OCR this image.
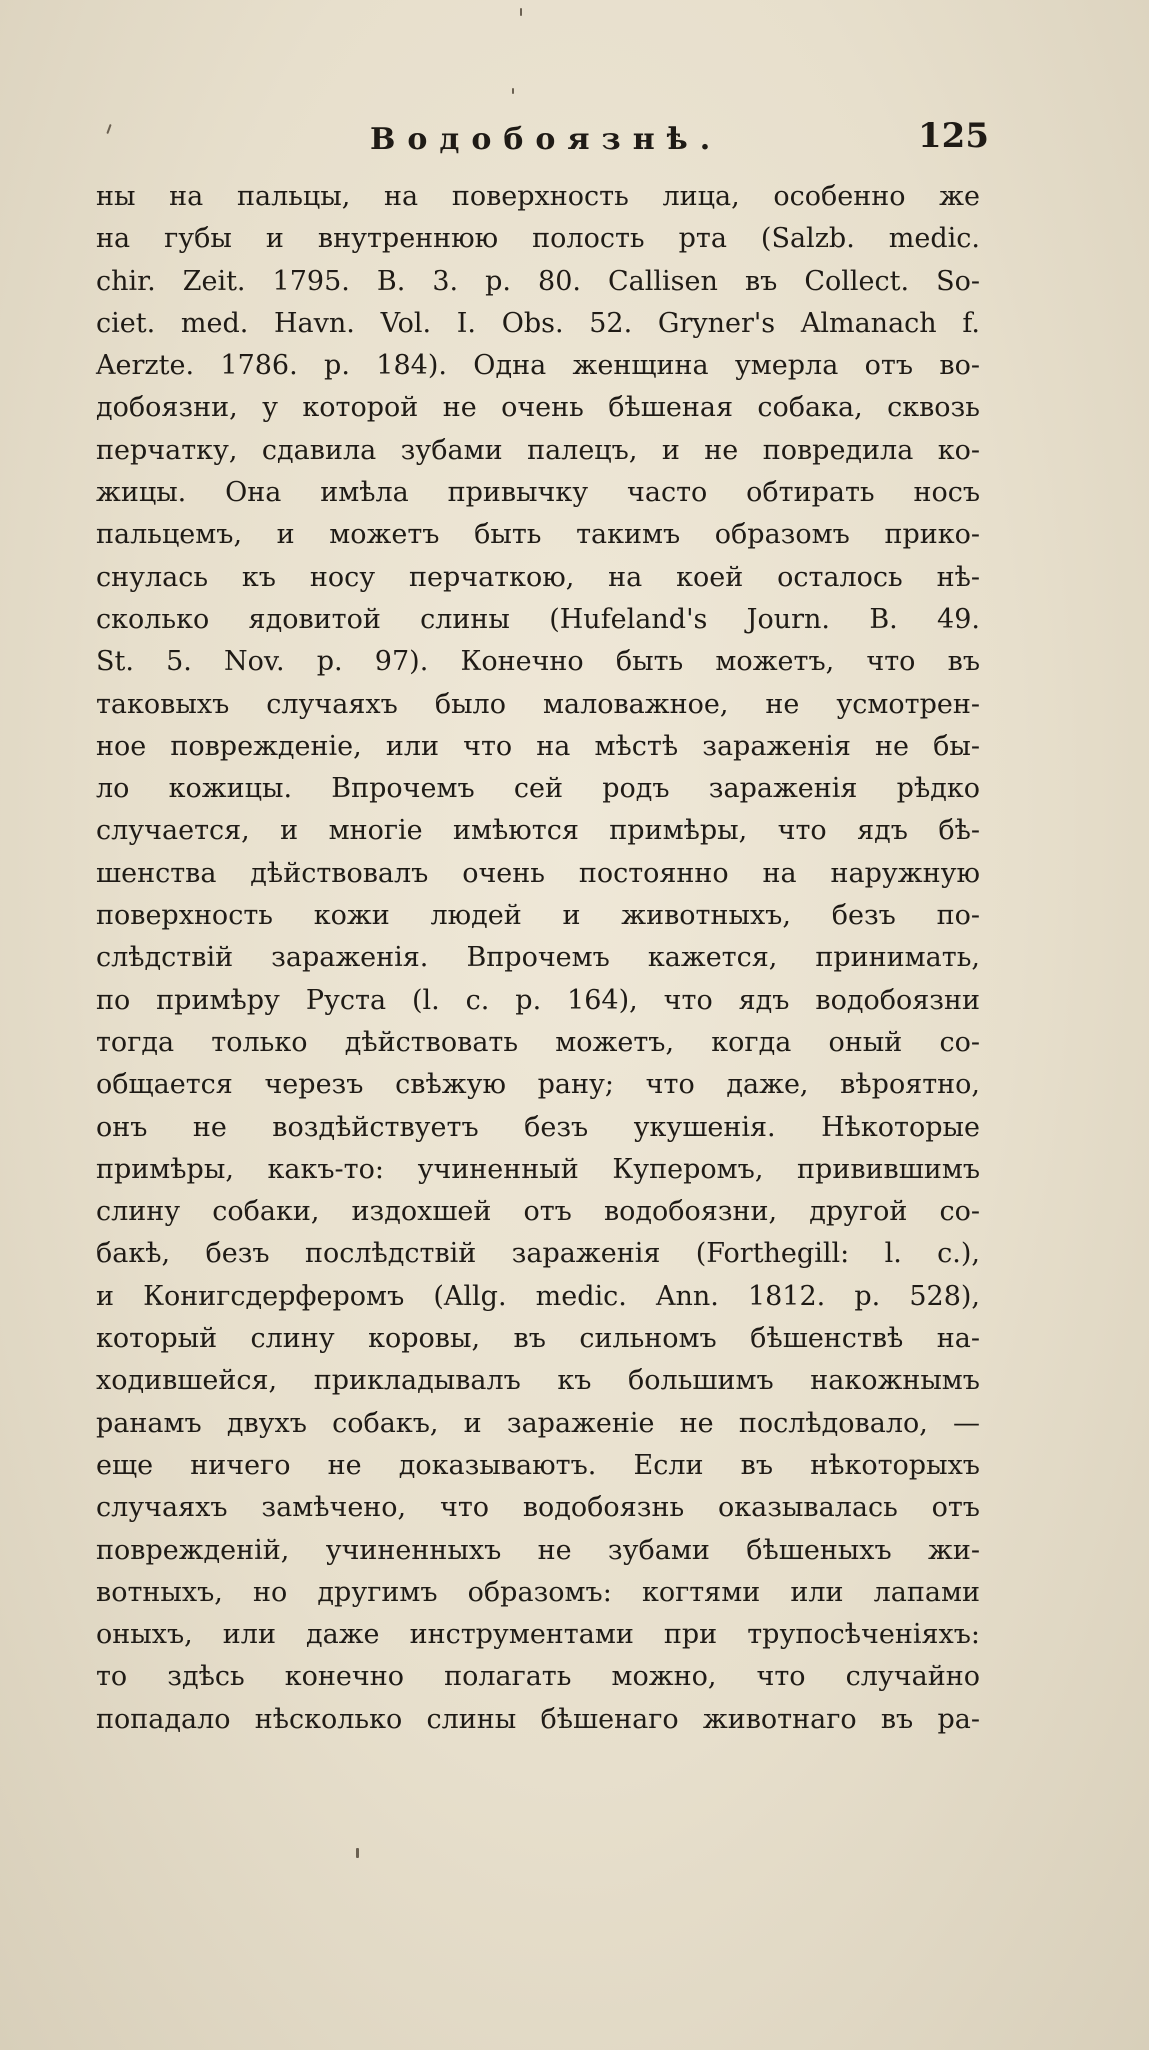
Водобоязнѣ.	125
ны на пальцы, на поверхность лица, особенно же
на губы и внутреннюю полость рта (Salzb. medic.
chir. Zeit. 1795. B. 3. p. 80. Callisen въ Collect. So-
ciet. med. Havn. Vol. I. Obs. 52. Gryner's Almanach f.
Aerzte. 1786. p. 184). Одна женщина умерла отъ во-
добоязни, у которой не очень бѣшеная собака, сквозь
перчатку, сдавила зубами палецъ, и не повредила ко-
жицы. Она имѣла привычку часто обтирать носъ
пальцемъ, и можетъ быть такимъ образомъ прико-
снулась къ носу перчаткою, на коей осталось нѣ-
сколько ядовитой слины (Hufeland's Journ. B. 49.
St. 5. Nov. p. 97). Конечно быть можетъ, что въ
таковыхъ случаяхъ было маловажное, не усмотрен-
ное поврежденіе, или что на мѣстѣ зараженія не бы-
ло кожицы. Впрочемъ сей родъ зараженія рѣдко
случается, и многіе имѣются примѣры, что ядъ бѣ-
шенства дѣйствовалъ очень постоянно на наружную
поверхность кожи людей и животныхъ, безъ по-
слѣдствій зараженія. Впрочемъ кажется, принимать,
по примѣру Руста (l. c. p. 164), что ядъ водобоязни
тогда только дѣйствовать можетъ, когда оный со-
общается черезъ свѣжую рану; что даже, вѣроятно,
онъ не воздѣйствуетъ безъ укушенія. Нѣкоторые
примѣры, какъ-то: учиненный Куперомъ, привившимъ
слину собаки, издохшей отъ водобоязни, другой со-
бакѣ, безъ послѣдствій зараженія (Forthegill: l. c.),
и Конигсдерферомъ (Allg. medic. Ann. 1812. p. 528),
который слину коровы, въ сильномъ бѣшенствѣ на-
ходившейся, прикладывалъ къ большимъ накожнымъ
ранамъ двухъ собакъ, и зараженіе не послѣдовало, —
еще ничего не доказываютъ. Если въ нѣкоторыхъ
случаяхъ замѣчено, что водобоязнь оказывалась отъ
поврежденій, учиненныхъ не зубами бѣшеныхъ жи-
вотныхъ, но другимъ образомъ: когтями или лапами
оныхъ, или даже инструментами при трупосѣченіяхъ:
то здѣсь конечно полагать можно, что случайно
попадало нѣсколько слины бѣшенаго животнаго въ ра-
